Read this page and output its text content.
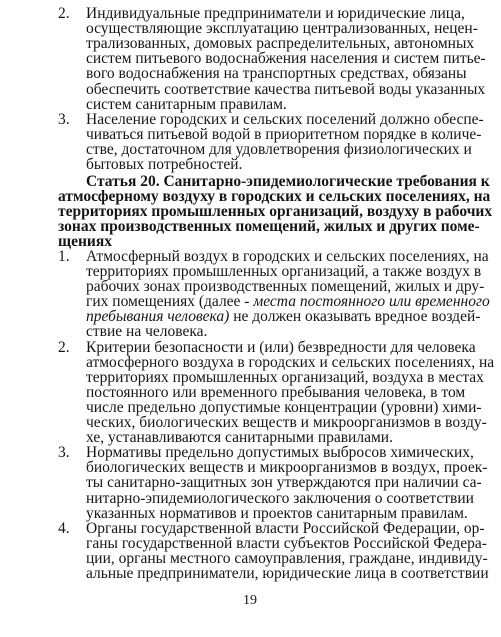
2. Индивидуальные предприниматели и юридические лица,
осуществляющие эксплуатацию централизованных, нецен-
трализованных, домовых распределительных, автономных
систем питьевого водоснабжения населения и систем питье-
вого водоснабжения на транспортных средствах, обязаны
обеспечить соответствие качества питьевой воды указанных
систем санитарным правилам.
3. Население городских и сельских поселений должно обеспе-
чиваться питьевой водой в приоритетном порядке в количе-
стве, достаточном для удовлетворения физиологических и
бытовых потребностей.
Статья 20. Санитарно-эпидемиологические требования к
атмосферному воздуху в городских и сельских поселениях, на
территориях промышленных организаций, воздуху в рабочих
зонах производственных помещений, жилых и других поме-
щениях
1. Атмосферный воздух в городских и сельских поселениях, на
территориях промышленных организаций, а также воздух в
рабочих зонах производственных помещений, жилых и дру-
гих помещениях (далее - места постоянного или временного
пребывания человека) не должен оказывать вредное воздей-
ствие на человека.
2. Критерии безопасности и (или) безвредности для человека
атмосферного воздуха в городских и сельских поселениях, на
территориях промышленных организаций, воздуха в местах
постоянного или временного пребывания человека, в том
числе предельно допустимые концентрации (уровни) хими-
ческих, биологических веществ и микроорганизмов в возду-
хе, устанавливаются санитарными правилами.
3. Нормативы предельно допустимых выбросов химических,
биологических веществ и микроорганизмов в воздух, проек-
ты санитарно-защитных зон утверждаются при наличии са-
нитарно-эпидемиологического заключения о соответствии
указанных нормативов и проектов санитарным правилам.
4. Органы государственной власти Российской Федерации, ор-
ганы государственной власти субъектов Российской Федера-
ции, органы местного самоуправления, граждане, индивиду-
альные предприниматели, юридические лица в соответствии
19
